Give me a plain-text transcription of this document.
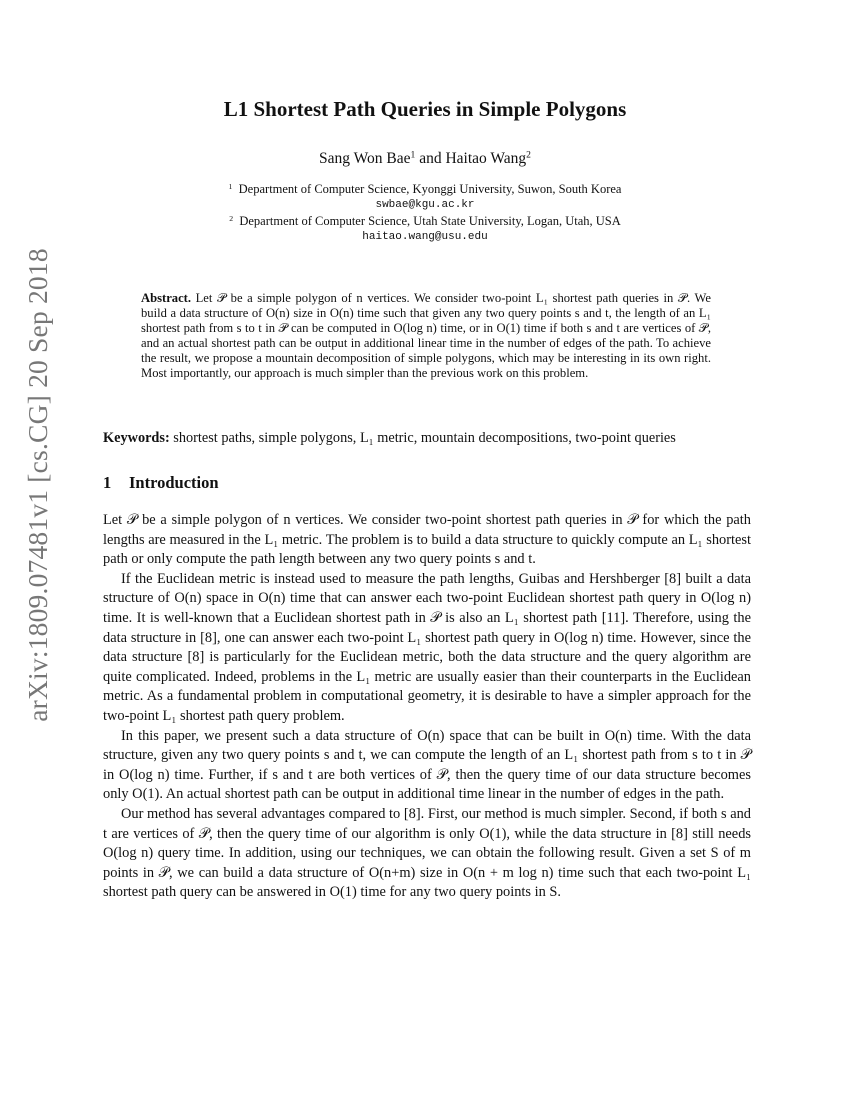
arXiv:1809.07481v1 [cs.CG] 20 Sep 2018
L1 Shortest Path Queries in Simple Polygons
Sang Won Bae$^1$ and Haitao Wang$^2$
$^1$ Department of Computer Science, Kyonggi University, Suwon, South Korea
swbae@kgu.ac.kr
$^2$ Department of Computer Science, Utah State University, Logan, Utah, USA
haitao.wang@usu.edu
Abstract. Let 𝒫 be a simple polygon of n vertices. We consider two-point L₁ shortest path queries in 𝒫. We build a data structure of O(n) size in O(n) time such that given any two query points s and t, the length of an L₁ shortest path from s to t in 𝒫 can be computed in O(log n) time, or in O(1) time if both s and t are vertices of 𝒫, and an actual shortest path can be output in additional linear time in the number of edges of the path. To achieve the result, we propose a mountain decomposition of simple polygons, which may be interesting in its own right. Most importantly, our approach is much simpler than the previous work on this problem.
Keywords: shortest paths, simple polygons, L₁ metric, mountain decompositions, two-point queries
1 Introduction

Let 𝒫 be a simple polygon of n vertices. We consider two-point shortest path queries in 𝒫 for which the path lengths are measured in the L₁ metric. The problem is to build a data structure to quickly compute an L₁ shortest path or only compute the path length between any two query points s and t.

If the Euclidean metric is instead used to measure the path lengths, Guibas and Hershberger [8] built a data structure of O(n) space in O(n) time that can answer each two-point Euclidean shortest path query in O(log n) time. It is well-known that a Euclidean shortest path in 𝒫 is also an L₁ shortest path [11]. Therefore, using the data structure in [8], one can answer each two-point L₁ shortest path query in O(log n) time. However, since the data structure [8] is particularly for the Euclidean metric, both the data structure and the query algorithm are quite complicated. Indeed, problems in the L₁ metric are usually easier than their counterparts in the Euclidean metric. As a fundamental problem in computational geometry, it is desirable to have a simpler approach for the two-point L₁ shortest path query problem.

In this paper, we present such a data structure of O(n) space that can be built in O(n) time. With the data structure, given any two query points s and t, we can compute the length of an L₁ shortest path from s to t in 𝒫 in O(log n) time. Further, if s and t are both vertices of 𝒫, then the query time of our data structure becomes only O(1). An actual shortest path can be output in additional time linear in the number of edges in the path.

Our method has several advantages compared to [8]. First, our method is much simpler. Second, if both s and t are vertices of 𝒫, then the query time of our algorithm is only O(1), while the data structure in [8] still needs O(log n) query time. In addition, using our techniques, we can obtain the following result. Given a set S of m points in 𝒫, we can build a data structure of O(n+m) size in O(n + m log n) time such that each two-point L₁ shortest path query can be answered in O(1) time for any two query points in S.
